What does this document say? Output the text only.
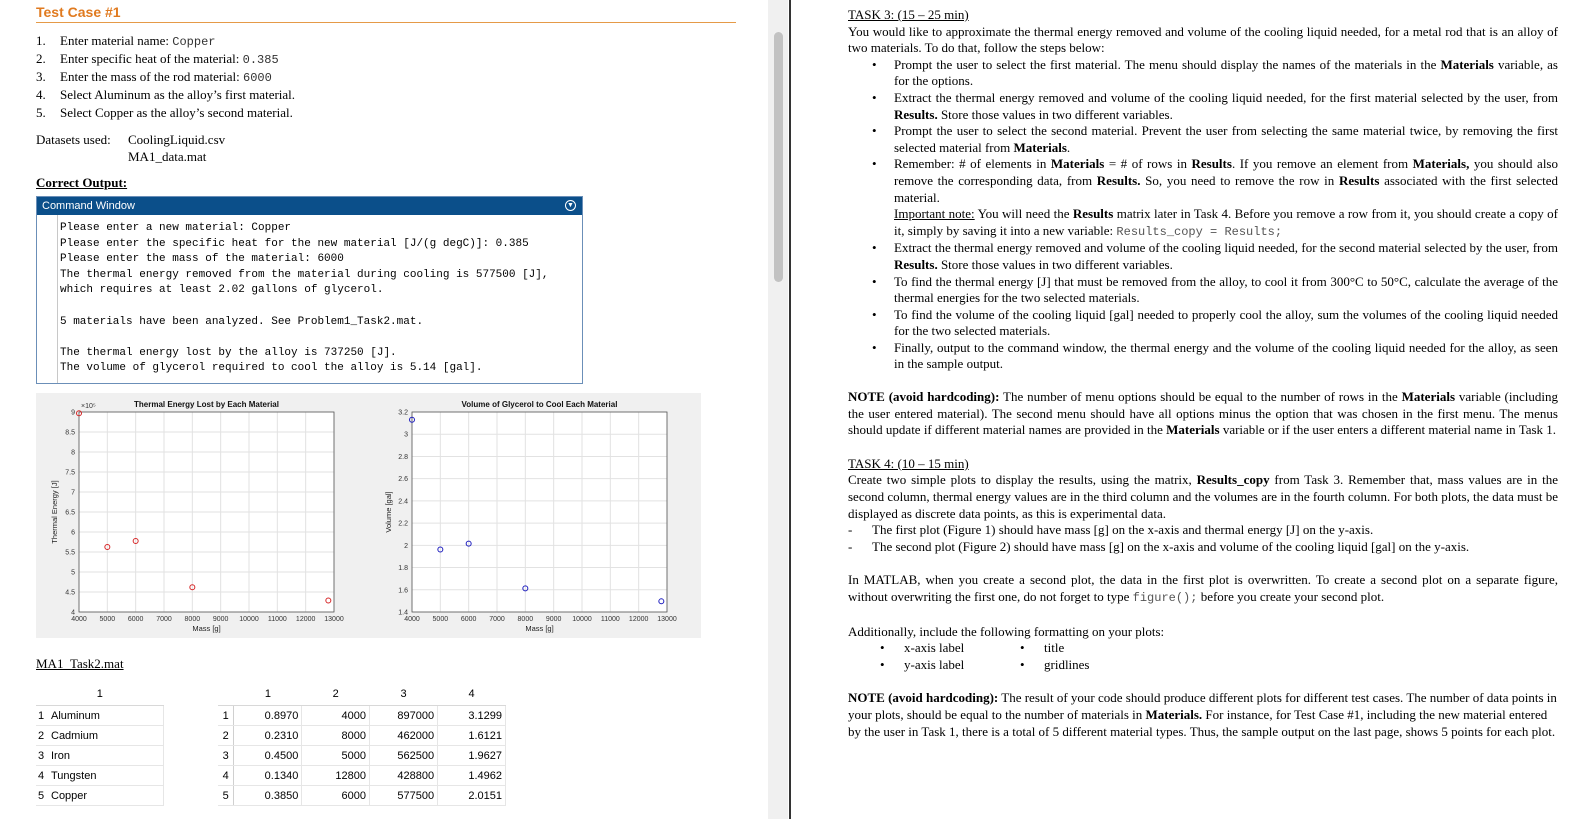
Test Case #1
1. Enter material name: Copper
2. Enter specific heat of the material: 0.385
3. Enter the mass of the rod material: 6000
4. Select Aluminum as the alloy’s first material.
5. Select Copper as the alloy’s second material.
Datasets used: CoolingLiquid.csv
MA1_data.mat
Correct Output:
Command Window	▼
Please enter a new material: Copper
Please enter the specific heat for the new material [J/(g degC)]: 0.385
Please enter the mass of the material: 6000
The thermal energy removed from the material during cooling is 577500 [J],
which requires at least 2.02 gallons of glycerol.
5 materials have been analyzed. See Problem1_Task2.mat.
The thermal energy lost by the alloy is 737250 [J].
The volume of glycerol required to cool the alloy is 5.14 [gal].
4000 5000 6000 7000 8000 9000 10000 11000 12000 13000
4
4.5
5
5.5
6
6.5
7
7.5
8
8.5
9
Thermal Energy Lost by Each Material
Mass [g]
Thermal Energy [J]
×10⁵
4000 5000 6000 7000 8000 9000 10000 11000 12000 13000
1.4
1.6
1.8
2
2.2
2.4
2.6
2.8
3
3.2
Volume of Glycerol to Cool Each Material
Mass [g]
Volume [gal]
MA1_Task2.mat
1	
1	Aluminum
2	Cadmium
3	Iron
4	Tungsten
5	Copper
	1	2	3	4
1	0.8970	4000	897000	3.1299
2	0.2310	8000	462000	1.6121
3	0.4500	5000	562500	1.9627
4	0.1340	12800	428800	1.4962
5	0.3850	6000	577500	2.0151

TASK 3: (15 – 25 min)

You would like to approximate the thermal energy removed and volume of the cooling liquid needed, for a metal rod that is an alloy of two materials. To do that, follow the steps below:

• Prompt the user to select the first material. The menu should display the names of the materials in the Materials variable, as for the options.
• Extract the thermal energy removed and volume of the cooling liquid needed, for the first material selected by the user, from Results. Store those values in two different variables.
• Prompt the user to select the second material. Prevent the user from selecting the same material twice, by removing the first selected material from Materials.
• Remember: # of elements in Materials = # of rows in Results. If you remove an element from Materials, you should also remove the corresponding data, from Results. So, you need to remove the row in Results associated with the first selected material.
Important note: You will need the Results matrix later in Task 4. Before you remove a row from it, you should create a copy of it, simply by saving it into a new variable: Results_copy = Results;
• Extract the thermal energy removed and volume of the cooling liquid needed, for the second material selected by the user, from Results. Store those values in two different variables.
• To find the thermal energy [J] that must be removed from the alloy, to cool it from 300°C to 50°C, calculate the average of the thermal energies for the two selected materials.
• To find the volume of the cooling liquid [gal] needed to properly cool the alloy, sum the volumes of the cooling liquid needed for the two selected materials.
• Finally, output to the command window, the thermal energy and the volume of the cooling liquid needed for the alloy, as seen in the sample output.

NOTE (avoid hardcoding): The number of menu options should be equal to the number of rows in the Materials variable (including the user entered material). The second menu should have all options minus the option that was chosen in the first menu. The menus should update if different material names are provided in the Materials variable or if the user enters a different material name in Task 1.

TASK 4: (10 – 15 min)

Create two simple plots to display the results, using the matrix, Results_copy from Task 3. Remember that, mass values are in the second column, thermal energy values are in the third column and the volumes are in the fourth column. For both plots, the data must be displayed as discrete data points, as this is experimental data.

- The first plot (Figure 1) should have mass [g] on the x-axis and thermal energy [J] on the y-axis.
- The second plot (Figure 2) should have mass [g] on the x-axis and volume of the cooling liquid [gal] on the y-axis.

In MATLAB, when you create a second plot, the data in the first plot is overwritten. To create a second plot on a separate figure, without overwriting the first one, do not forget to type figure(); before you create your second plot.

Additionally, include the following formatting on your plots:

• x-axis label
• y-axis label
• title
• gridlines

NOTE (avoid hardcoding): The result of your code should produce different plots for different test cases. The number of data points in your plots, should be equal to the number of materials in Materials. For instance, for Test Case #1, including the new material entered by the user in Task 1, there is a total of 5 different material types. Thus, the sample output on the last page, shows 5 points for each plot.
